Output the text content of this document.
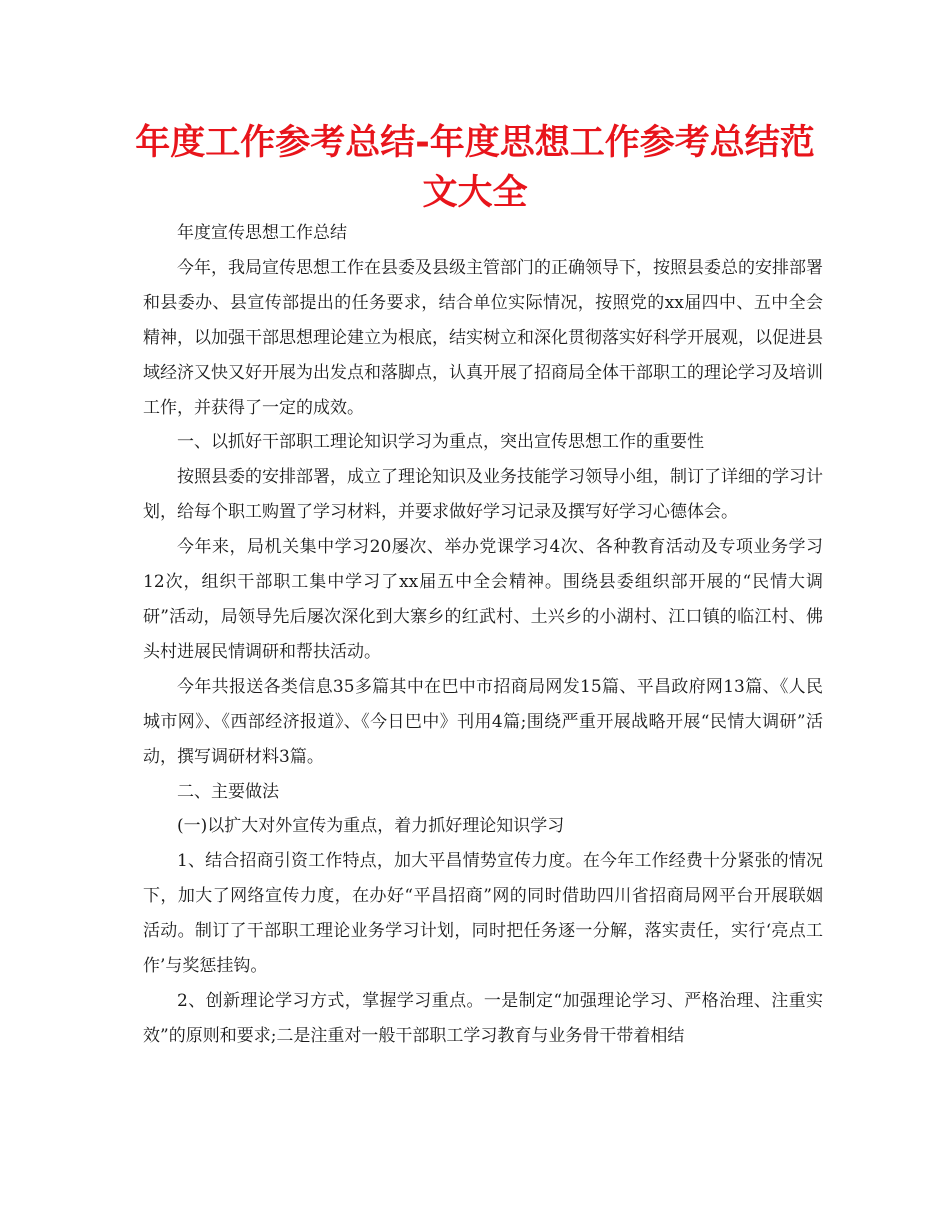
年度工作参考总结-年度思想工作参考总结范文大全

年度宣传思想工作总结

今年，我局宣传思想工作在县委及县级主管部门的正确领导下，按照县委总的安排部署和县委办、县宣传部提出的任务要求，结合单位实际情况，按照党的xx届四中、五中全会精神，以加强干部思想理论建立为根底，结实树立和深化贯彻落实好科学开展观，以促进县域经济又快又好开展为出发点和落脚点，认真开展了招商局全体干部职工的理论学习及培训工作，并获得了一定的成效。

一、以抓好干部职工理论知识学习为重点，突出宣传思想工作的重要性

按照县委的安排部署，成立了理论知识及业务技能学习领导小组，制订了详细的学习计划，给每个职工购置了学习材料，并要求做好学习记录及撰写好学习心德体会。

今年来，局机关集中学习20屡次、举办党课学习4次、各种教育活动及专项业务学习12次，组织干部职工集中学习了xx届五中全会精神。围绕县委组织部开展的“民情大调研”活动，局领导先后屡次深化到大寨乡的红武村、土兴乡的小湖村、江口镇的临江村、佛头村进展民情调研和帮扶活动。

今年共报送各类信息35多篇其中在巴中市招商局网发15篇、平昌政府网13篇、《人民城市网》、《西部经济报道》、《今日巴中》刊用4篇;围绕严重开展战略开展“民情大调研”活动，撰写调研材料3篇。

二、主要做法

(一)以扩大对外宣传为重点，着力抓好理论知识学习

1、结合招商引资工作特点，加大平昌情势宣传力度。在今年工作经费十分紧张的情况下，加大了网络宣传力度，在办好“平昌招商”网的同时借助四川省招商局网平台开展联姻活动。制订了干部职工理论业务学习计划，同时把任务逐一分解，落实责任，实行‘亮点工作’与奖惩挂钩。

2、创新理论学习方式，掌握学习重点。一是制定“加强理论学习、严格治理、注重实效”的原则和要求;二是注重对一般干部职工学习教育与业务骨干带着相结
